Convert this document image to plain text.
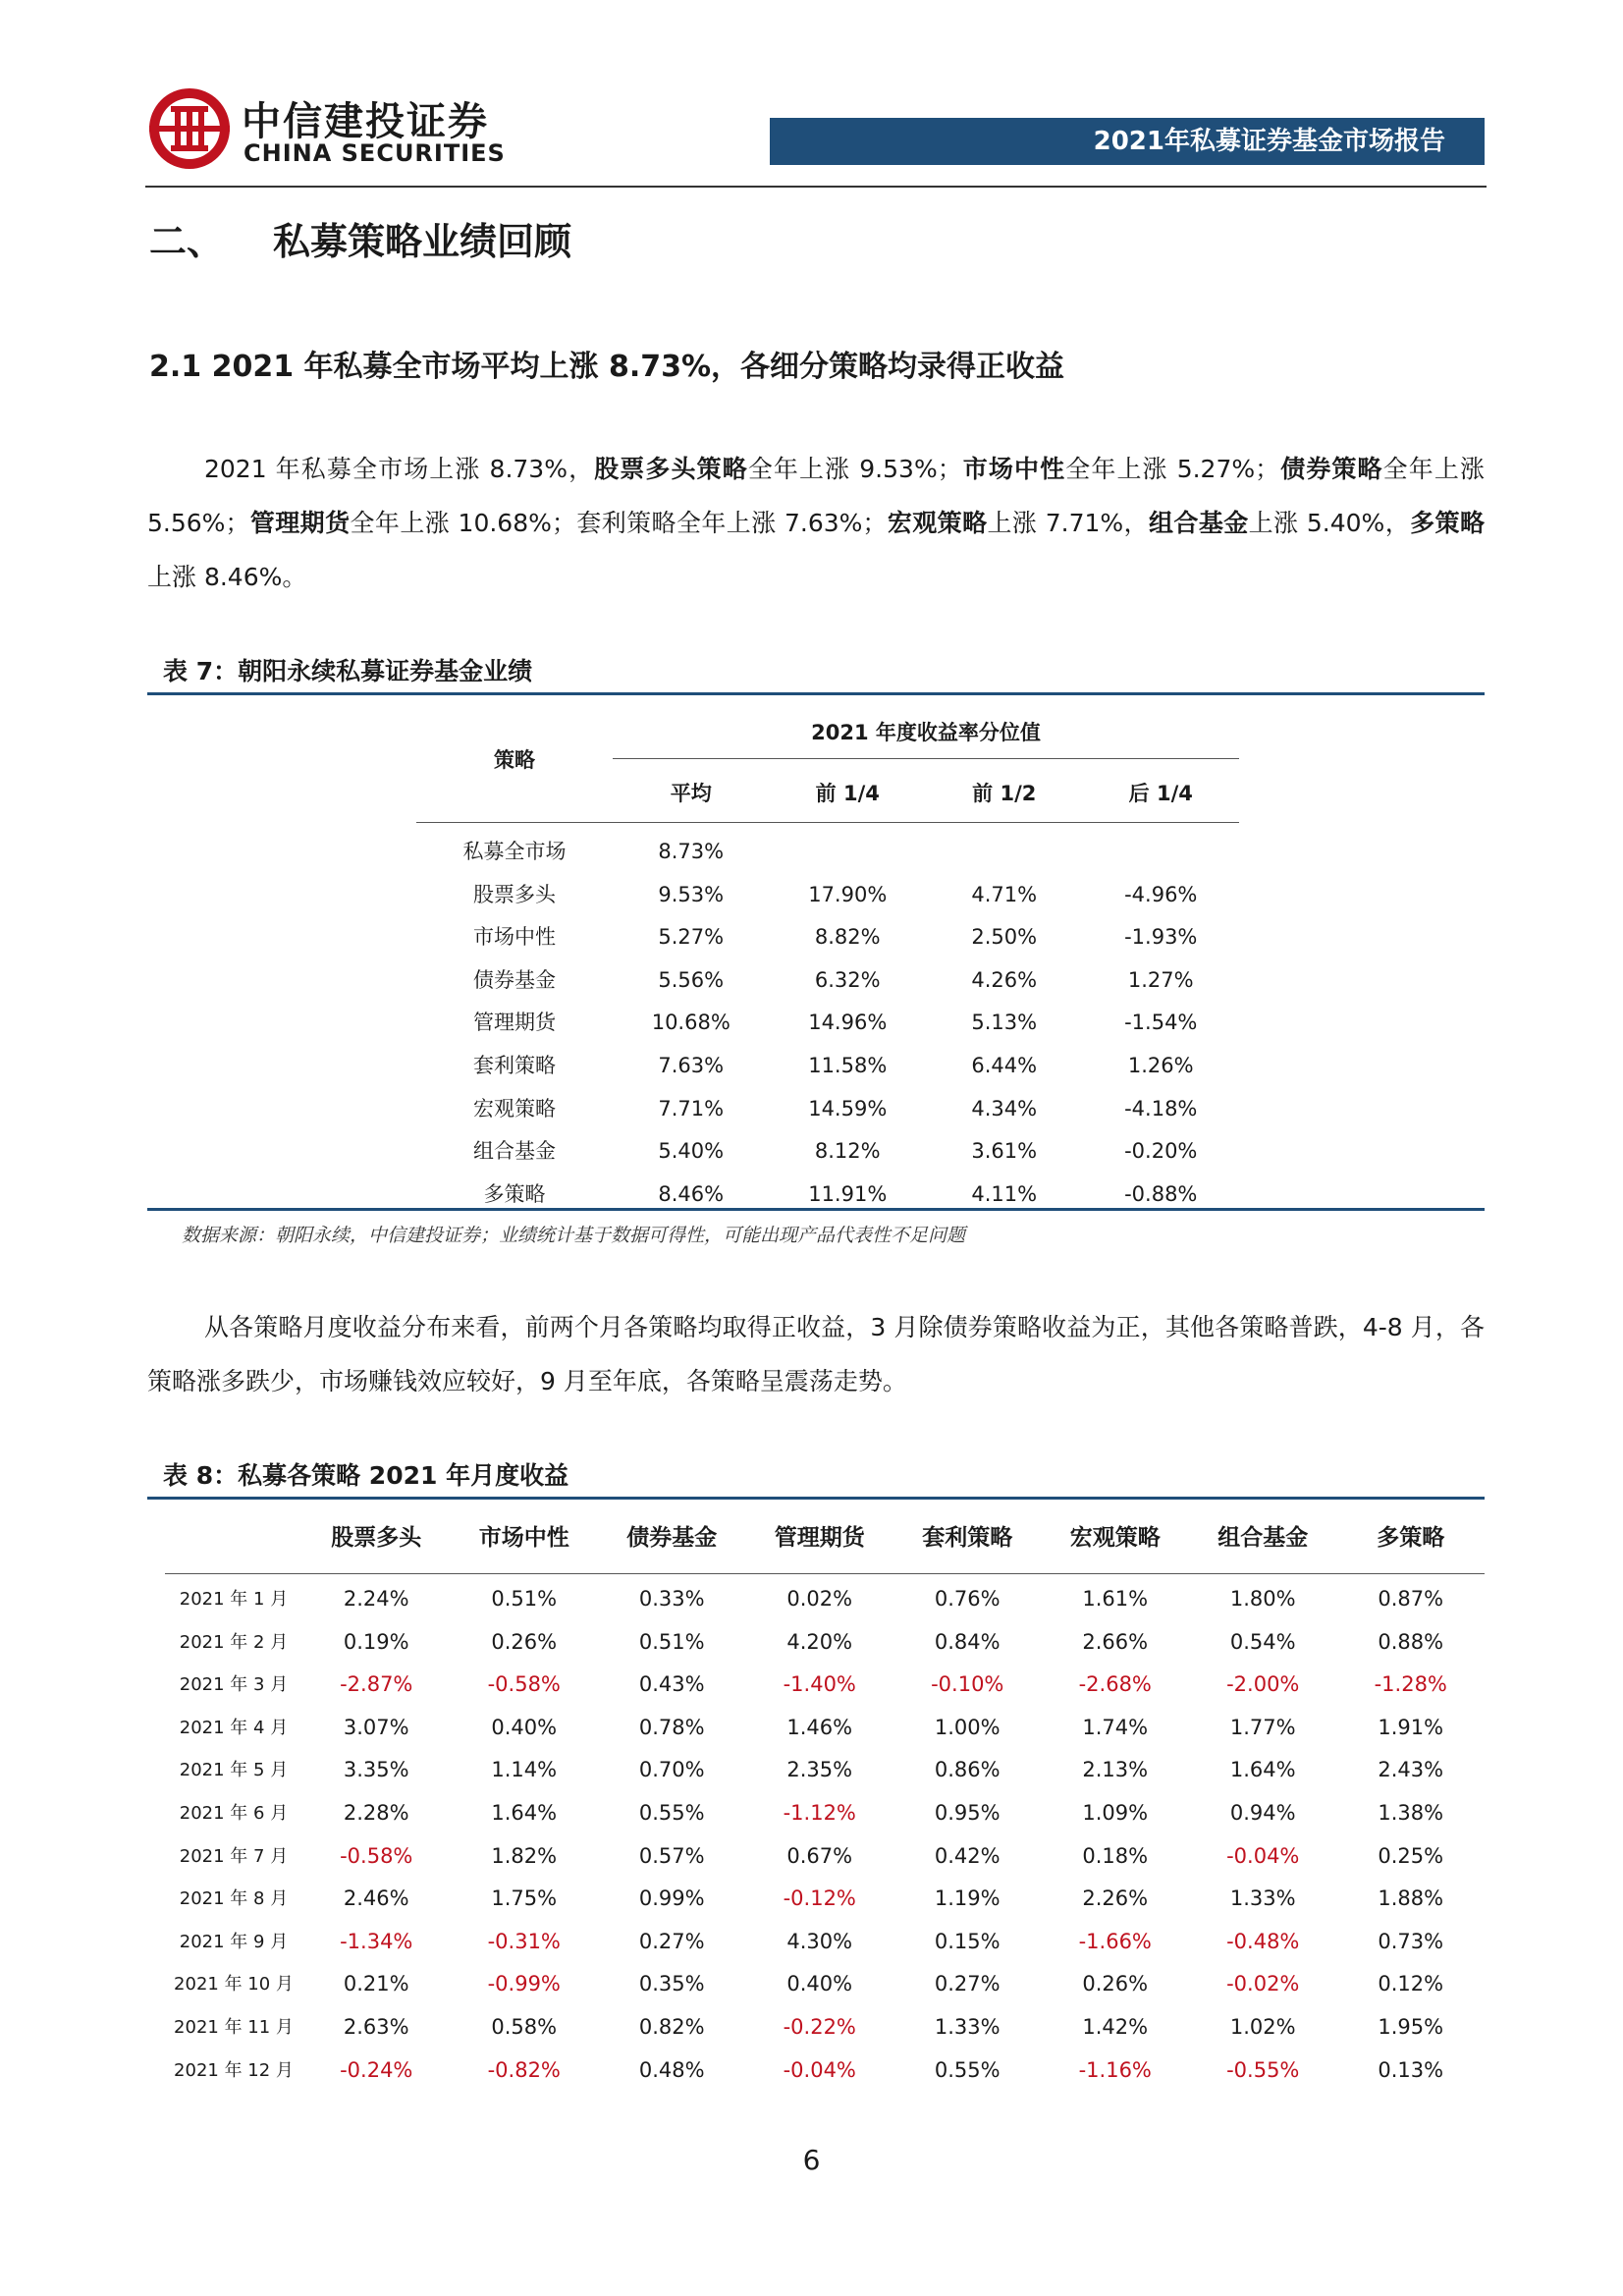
中信建投证券
CHINA SECURITIES	2021年私募证券基金市场报告
二、 私募策略业绩回顾
2.1 2021 年私募全市场平均上涨 8.73%，各细分策略均录得正收益

2021 年私募全市场上涨 8.73%，股票多头策略全年上涨 9.53%；市场中性全年上涨 5.27%；债券策略全年上涨 5.56%；管理期货全年上涨 10.68%；套利策略全年上涨 7.63%；宏观策略上涨 7.71%，组合基金上涨 5.40%，多策略上涨 8.46%。

表 7：朝阳永续私募证券基金业绩
2021 年度收益率分位值
策略
平均	前 1/4	前 1/2	后 1/4
私募全市场	8.73%
股票多头	9.53%	17.90%	4.71%	-4.96%
市场中性	5.27%	8.82%	2.50%	-1.93%
债券基金	5.56%	6.32%	4.26%	1.27%
管理期货	10.68%	14.96%	5.13%	-1.54%
套利策略	7.63%	11.58%	6.44%	1.26%
宏观策略	7.71%	14.59%	4.34%	-4.18%
组合基金	5.40%	8.12%	3.61%	-0.20%
多策略	8.46%	11.91%	4.11%	-0.88%
数据来源：朝阳永续，中信建投证券；业绩统计基于数据可得性，可能出现产品代表性不足问题

从各策略月度收益分布来看，前两个月各策略均取得正收益，3 月除债券策略收益为正，其他各策略普跌，4-8 月，各策略涨多跌少，市场赚钱效应较好，9 月至年底，各策略呈震荡走势。

表 8：私募各策略 2021 年月度收益
股票多头	市场中性	债券基金	管理期货	套利策略	宏观策略	组合基金	多策略
2021 年 1 月	2.24%	0.51%	0.33%	0.02%	0.76%	1.61%	1.80%	0.87%
2021 年 2 月	0.19%	0.26%	0.51%	4.20%	0.84%	2.66%	0.54%	0.88%
2021 年 3 月	-2.87%	-0.58%	0.43%	-1.40%	-0.10%	-2.68%	-2.00%	-1.28%
2021 年 4 月	3.07%	0.40%	0.78%	1.46%	1.00%	1.74%	1.77%	1.91%
2021 年 5 月	3.35%	1.14%	0.70%	2.35%	0.86%	2.13%	1.64%	2.43%
2021 年 6 月	2.28%	1.64%	0.55%	-1.12%	0.95%	1.09%	0.94%	1.38%
2021 年 7 月	-0.58%	1.82%	0.57%	0.67%	0.42%	0.18%	-0.04%	0.25%
2021 年 8 月	2.46%	1.75%	0.99%	-0.12%	1.19%	2.26%	1.33%	1.88%
2021 年 9 月	-1.34%	-0.31%	0.27%	4.30%	0.15%	-1.66%	-0.48%	0.73%
2021 年 10 月	0.21%	-0.99%	0.35%	0.40%	0.27%	0.26%	-0.02%	0.12%
2021 年 11 月	2.63%	0.58%	0.82%	-0.22%	1.33%	1.42%	1.02%	1.95%
2021 年 12 月	-0.24%	-0.82%	0.48%	-0.04%	0.55%	-1.16%	-0.55%	0.13%
6
